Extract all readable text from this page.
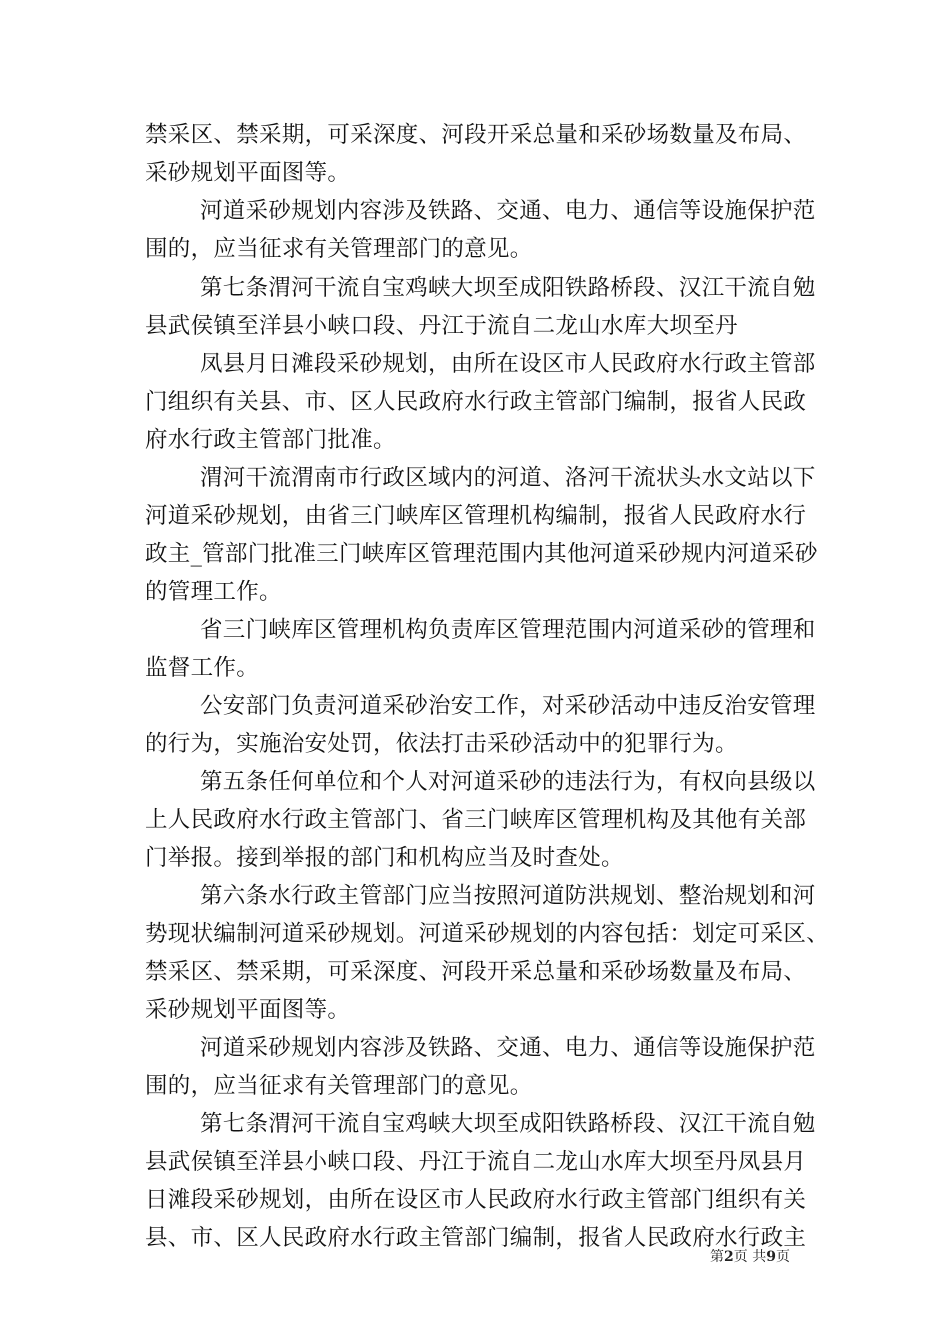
禁采区、禁采期，可采深度、河段开采总量和采砂场数量及布局、
采砂规划平面图等。
河道采砂规划内容涉及铁路、交通、电力、通信等设施保护范
围的，应当征求有关管理部门的意见。
第七条渭河干流自宝鸡峡大坝至成阳铁路桥段、汉江干流自勉
县武侯镇至洋县小峡口段、丹江于流自二龙山水库大坝至丹
凤县月日滩段采砂规划，由所在设区市人民政府水行政主管部
门组织有关县、市、区人民政府水行政主管部门编制，报省人民政
府水行政主管部门批准。
渭河干流渭南市行政区域内的河道、洛河干流状头水文站以下
河道采砂规划，由省三门峡库区管理机构编制，报省人民政府水行
政主_管部门批准三门峡库区管理范围内其他河道采砂规内河道采砂
的管理工作。
省三门峡库区管理机构负责库区管理范围内河道采砂的管理和
监督工作。
公安部门负责河道采砂治安工作，对采砂活动中违反治安管理
的行为，实施治安处罚，依法打击采砂活动中的犯罪行为。
第五条任何单位和个人对河道采砂的违法行为，有权向县级以
上人民政府水行政主管部门、省三门峡库区管理机构及其他有关部
门举报。接到举报的部门和机构应当及时查处。
第六条水行政主管部门应当按照河道防洪规划、整治规划和河
势现状编制河道采砂规划。河道采砂规划的内容包括：划定可采区、
禁采区、禁采期，可采深度、河段开采总量和采砂场数量及布局、
采砂规划平面图等。
河道采砂规划内容涉及铁路、交通、电力、通信等设施保护范
围的，应当征求有关管理部门的意见。
第七条渭河干流自宝鸡峡大坝至成阳铁路桥段、汉江干流自勉
县武侯镇至洋县小峡口段、丹江于流自二龙山水库大坝至丹凤县月
日滩段采砂规划，由所在设区市人民政府水行政主管部门组织有关
县、市、区人民政府水行政主管部门编制，报省人民政府水行政主
第2页 共9页
